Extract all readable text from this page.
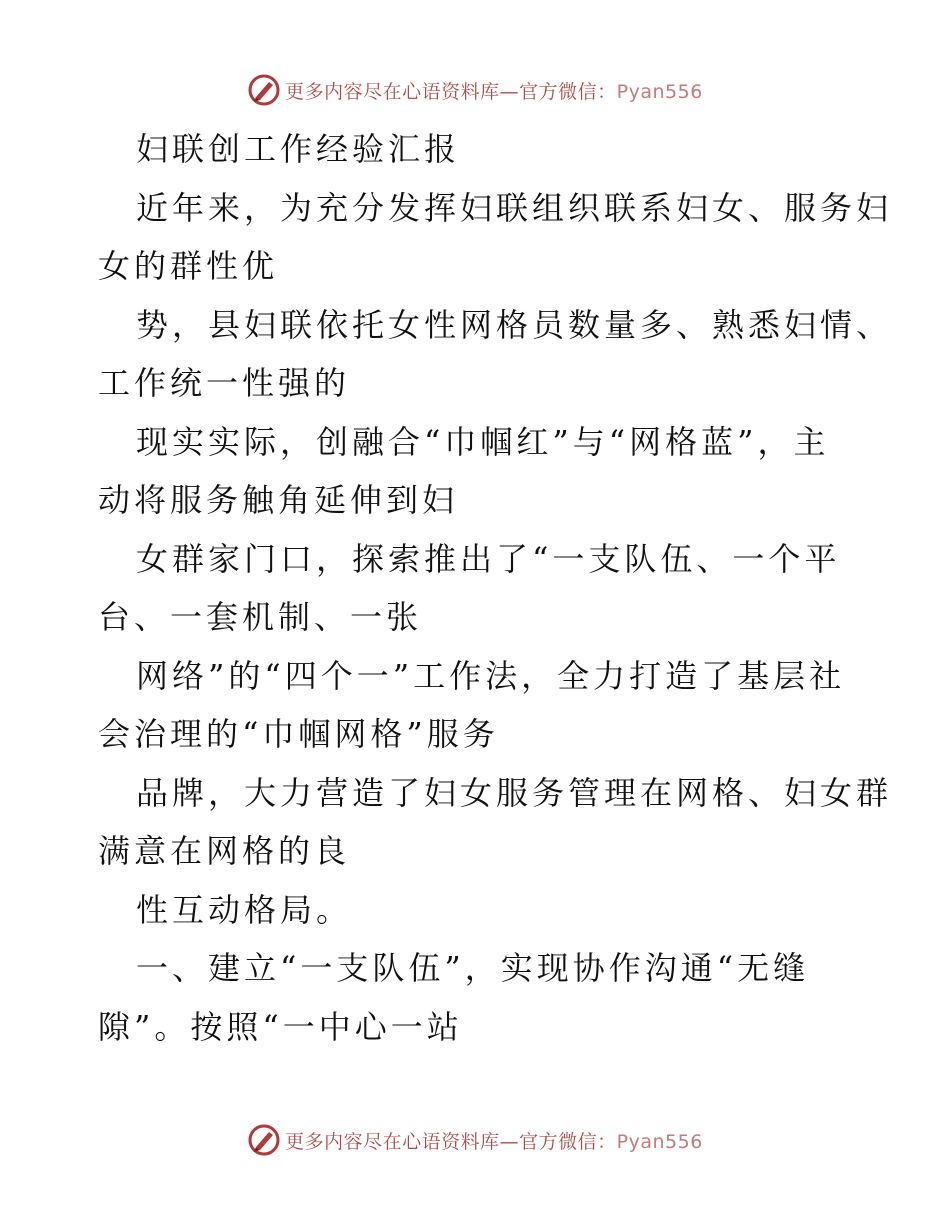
更多内容尽在心语资料库—官方微信：Pyan556
妇联创工作经验汇报
近年来，为充分发挥妇联组织联系妇女、服务妇
女的群性优
势，县妇联依托女性网格员数量多、熟悉妇情、
工作统一性强的
现实实际，创融合“巾帼红”与“网格蓝”，主
动将服务触角延伸到妇
女群家门口，探索推出了“一支队伍、一个平
台、一套机制、一张
网络”的“四个一”工作法，全力打造了基层社
会治理的“巾帼网格”服务
品牌，大力营造了妇女服务管理在网格、妇女群
满意在网格的良
性互动格局。
一、建立“一支队伍”，实现协作沟通“无缝
隙”。按照“一中心一站
更多内容尽在心语资料库—官方微信：Pyan556
